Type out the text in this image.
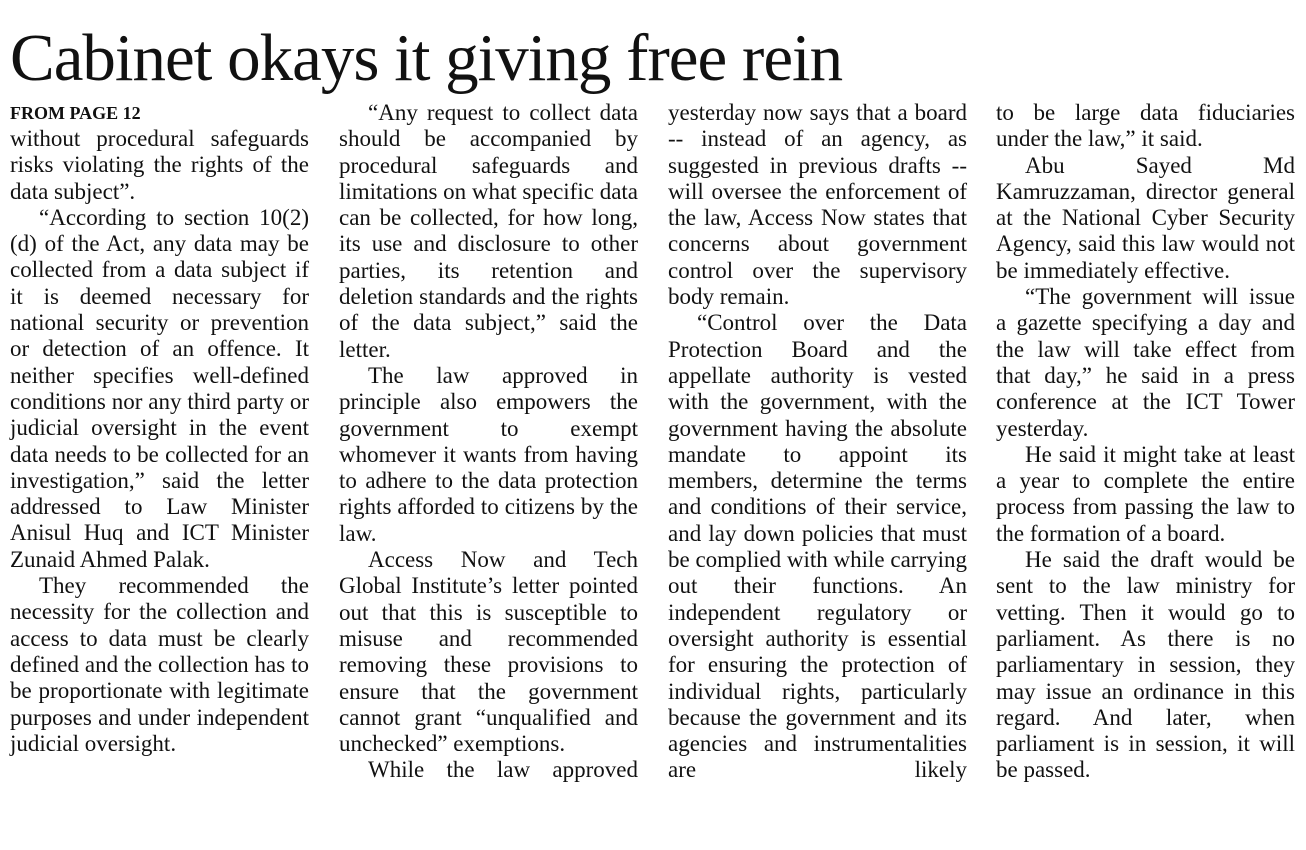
Cabinet okays it giving free rein
FROM PAGE 12

without procedural safeguards risks violating the rights of the data subject”.

“According to section 10(2) (d) of the Act, any data may be collected from a data subject if it is deemed necessary for national security or prevention or detection of an offence. It neither specifies well-defined conditions nor any third party or judicial oversight in the event data needs to be collected for an investigation,” said the letter addressed to Law Minister Anisul Huq and ICT Minister Zunaid Ahmed Palak.

They recommended the necessity for the collection and access to data must be clearly defined and the collection has to be proportionate with legitimate purposes and under independent judicial oversight.

“Any request to collect data should be accompanied by procedural safeguards and limitations on what specific data can be collected, for how long, its use and disclosure to other parties, its retention and deletion standards and the rights of the data subject,” said the letter.

The law approved in principle also empowers the government to exempt whomever it wants from having to adhere to the data protection rights afforded to citizens by the law.

Access Now and Tech Global Institute’s letter pointed out that this is susceptible to misuse and recommended removing these provisions to ensure that the government cannot grant “unqualified and unchecked” exemptions.

While the law approved

yesterday now says that a board -- instead of an agency, as suggested in previous drafts -- will oversee the enforcement of the law, Access Now states that concerns about government control over the supervisory body remain.

“Control over the Data Protection Board and the appellate authority is vested with the government, with the government having the absolute mandate to appoint its members, determine the terms and conditions of their service, and lay down policies that must be complied with while carrying out their functions. An independent regulatory or oversight authority is essential for ensuring the protection of individual rights, particularly because the government and its agencies and instrumentalities are likely

to be large data fiduciaries under the law,” it said.

Abu Sayed Md Kamruzzaman, director general at the National Cyber Security Agency, said this law would not be immediately effective.

“The government will issue a gazette specifying a day and the law will take effect from that day,” he said in a press conference at the ICT Tower yesterday.

He said it might take at least a year to complete the entire process from passing the law to the formation of a board.

He said the draft would be sent to the law ministry for vetting. Then it would go to parliament. As there is no parliamentary in session, they may issue an ordinance in this regard. And later, when parliament is in session, it will be passed.
